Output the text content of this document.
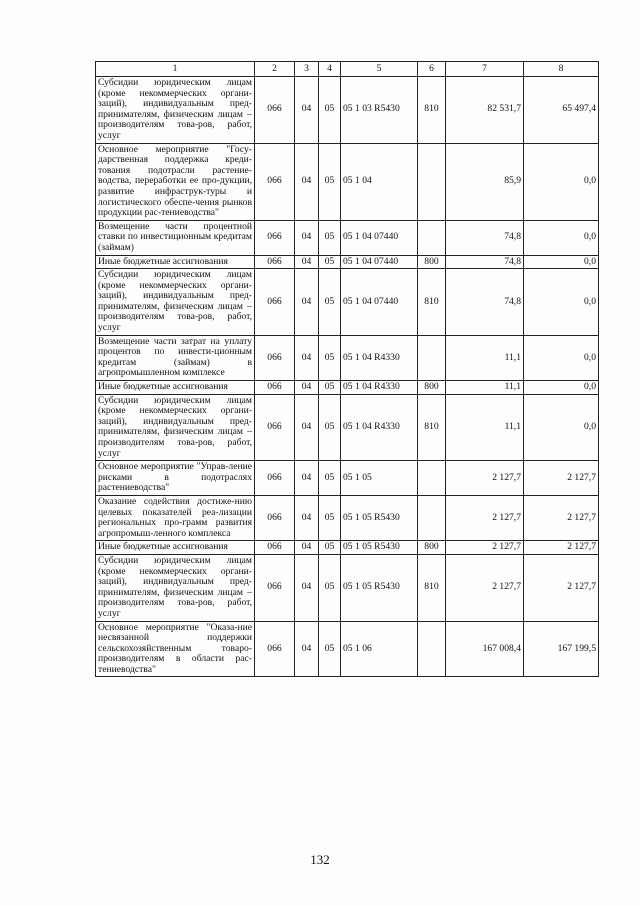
1	2	3	4	5	6	7	8
Субсидии юридическим лицам (кроме некоммерческих органи-заций), индивидуальным пред-принимателям, физическим лицам – производителям това-ров, работ, услуг	066	04	05	05 1 03 R5430	810	82 531,7	65 497,4
Основное мероприятие "Госу-дарственная поддержка креди-тования подотрасли растение-водства, переработки ее про-дукции, развитие инфраструк-туры и логистического обеспе-чения рынков продукции рас-тениеводства"	066	04	05	05 1 04		85,9	0,0
Возмещение части процентной ставки по инвестиционным кредитам (займам)	066	04	05	05 1 04 07440		74,8	0,0
Иные бюджетные ассигнования	066	04	05	05 1 04 07440	800	74,8	0,0
Субсидии юридическим лицам (кроме некоммерческих органи-заций), индивидуальным пред-принимателям, физическим лицам – производителям това-ров, работ, услуг	066	04	05	05 1 04 07440	810	74,8	0,0
Возмещение части затрат на уплату процентов по инвести-ционным кредитам (займам) в агропромышленном комплексе	066	04	05	05 1 04 R4330		11,1	0,0
Иные бюджетные ассигнования	066	04	05	05 1 04 R4330	800	11,1	0,0
Субсидии юридическим лицам (кроме некоммерческих органи-заций), индивидуальным пред-принимателям, физическим лицам – производителям това-ров, работ, услуг	066	04	05	05 1 04 R4330	810	11,1	0,0
Основное мероприятие "Управ-ление рисками в подотраслях растениеводства"	066	04	05	05 1 05		2 127,7	2 127,7
Оказание содействия достиже-нию целевых показателей реа-лизации региональных про-грамм развития агропромыш-ленного комплекса	066	04	05	05 1 05 R5430		2 127,7	2 127,7
Иные бюджетные ассигнования	066	04	05	05 1 05 R5430	800	2 127,7	2 127,7
Субсидии юридическим лицам (кроме некоммерческих органи-заций), индивидуальным пред-принимателям, физическим лицам – производителям това-ров, работ, услуг	066	04	05	05 1 05 R5430	810	2 127,7	2 127,7
Основное мероприятие "Оказа-ние несвязанной поддержки сельскохозяйственным товаро-производителям в области рас-тениеводства"	066	04	05	05 1 06		167 008,4	167 199,5
132
